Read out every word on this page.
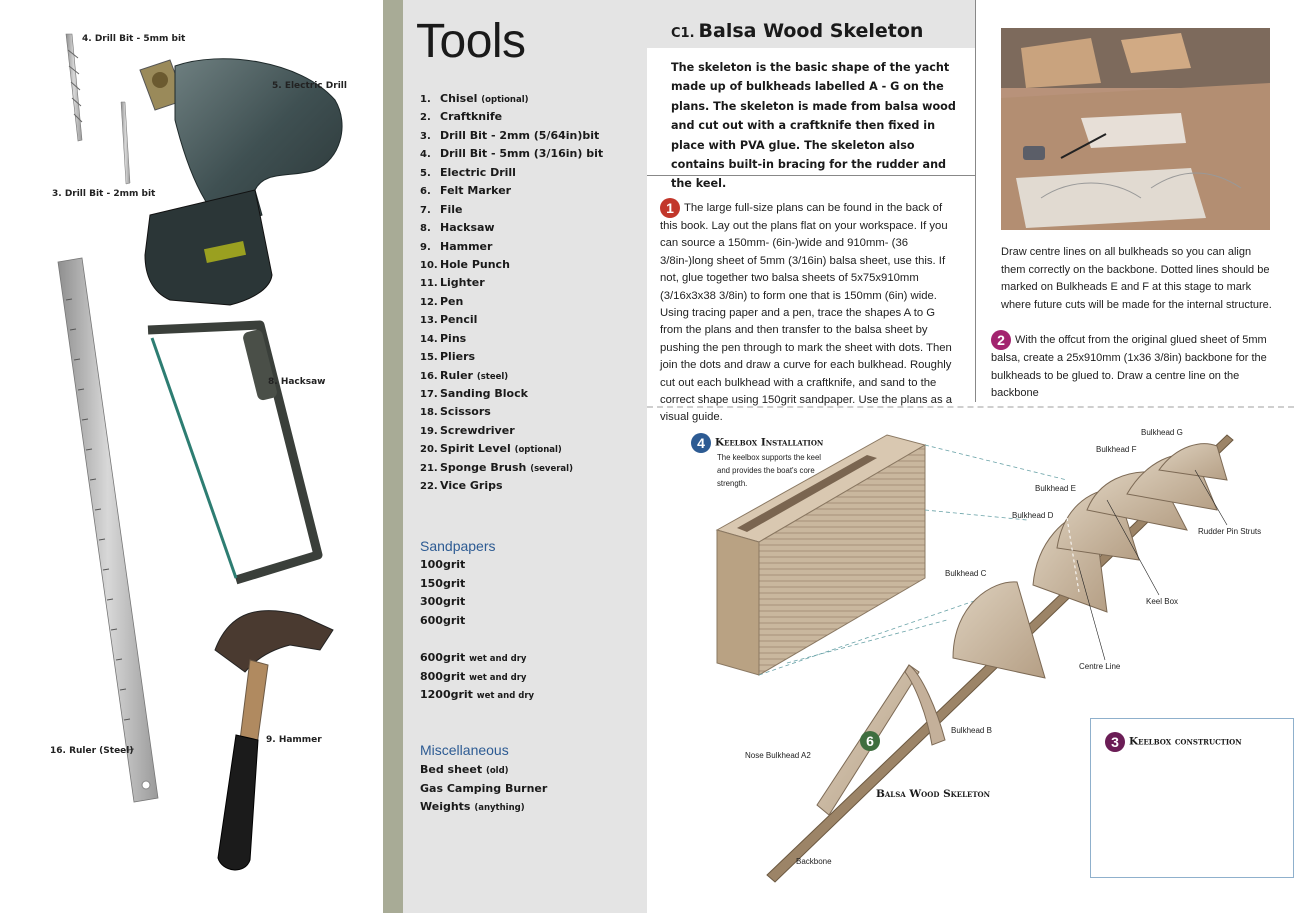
4. Drill Bit - 5mm bit
5. Electric Drill
3. Drill Bit - 2mm bit
8. Hacksaw
16. Ruler (Steel)
9. Hammer
Tools
1. Chisel (optional)
2. Craftknife
3. Drill Bit - 2mm (5/64in)bit
4. Drill Bit - 5mm (3/16in) bit
5. Electric Drill
6. Felt Marker
7. File
8. Hacksaw
9. Hammer
10. Hole Punch
11. Lighter
12. Pen
13. Pencil
14. Pins
15. Pliers
16. Ruler (steel)
17. Sanding Block
18. Scissors
19. Screwdriver
20. Spirit Level (optional)
21. Sponge Brush (several)
22. Vice Grips
Sandpapers
100grit
150grit
300grit
600grit
600grit wet and dry
800grit wet and dry
1200grit wet and dry
Miscellaneous
Bed sheet (old)
Gas Camping Burner
Weights (anything)
C1. Balsa Wood Skeleton

The skeleton is the basic shape of the yacht made up of bulkheads labelled A - G on the plans. The skeleton is made from balsa wood and cut out with a craftknife then fixed in place with PVA glue. The skeleton also contains built-in bracing for the rudder and the keel.

1 The large full-size plans can be found in the back of this book. Lay out the plans flat on your workspace. If you can source a 150mm- (6in-)wide and 910mm- (36 3/8in-)long sheet of 5mm (3/16in) balsa sheet, use this. If not, glue together two balsa sheets of 5x75x910mm (3/16x3x38 3/8in) to form one that is 150mm (6in) wide. Using tracing paper and a pen, trace the shapes A to G from the plans and then transfer to the balsa sheet by pushing the pen through to mark the sheet with dots. Then join the dots and draw a curve for each bulkhead. Roughly cut out each bulkhead with a craftknife, and sand to the correct shape using 150grit sandpaper. Use the plans as a visual guide.

Draw centre lines on all bulkheads so you can align them correctly on the backbone. Dotted lines should be marked on Bulkheads E and F at this stage to mark where future cuts will be made for the internal structure.

2 With the offcut from the original glued sheet of 5mm balsa, create a 25x910mm (1x36 3/8in) backbone for the bulkheads to be glued to. Draw a centre line on the backbone

4 Keelbox Installation

The keelbox supports the keel and provides the boat's core strength.

Bulkhead G
Bulkhead F
Bulkhead E
Bulkhead D
Bulkhead C
Rudder Pin Struts
Keel Box
Centre Line
Bulkhead B
Nose Bulkhead A2
Backbone
6
Balsa Wood Skeleton
3 Keelbox construction
